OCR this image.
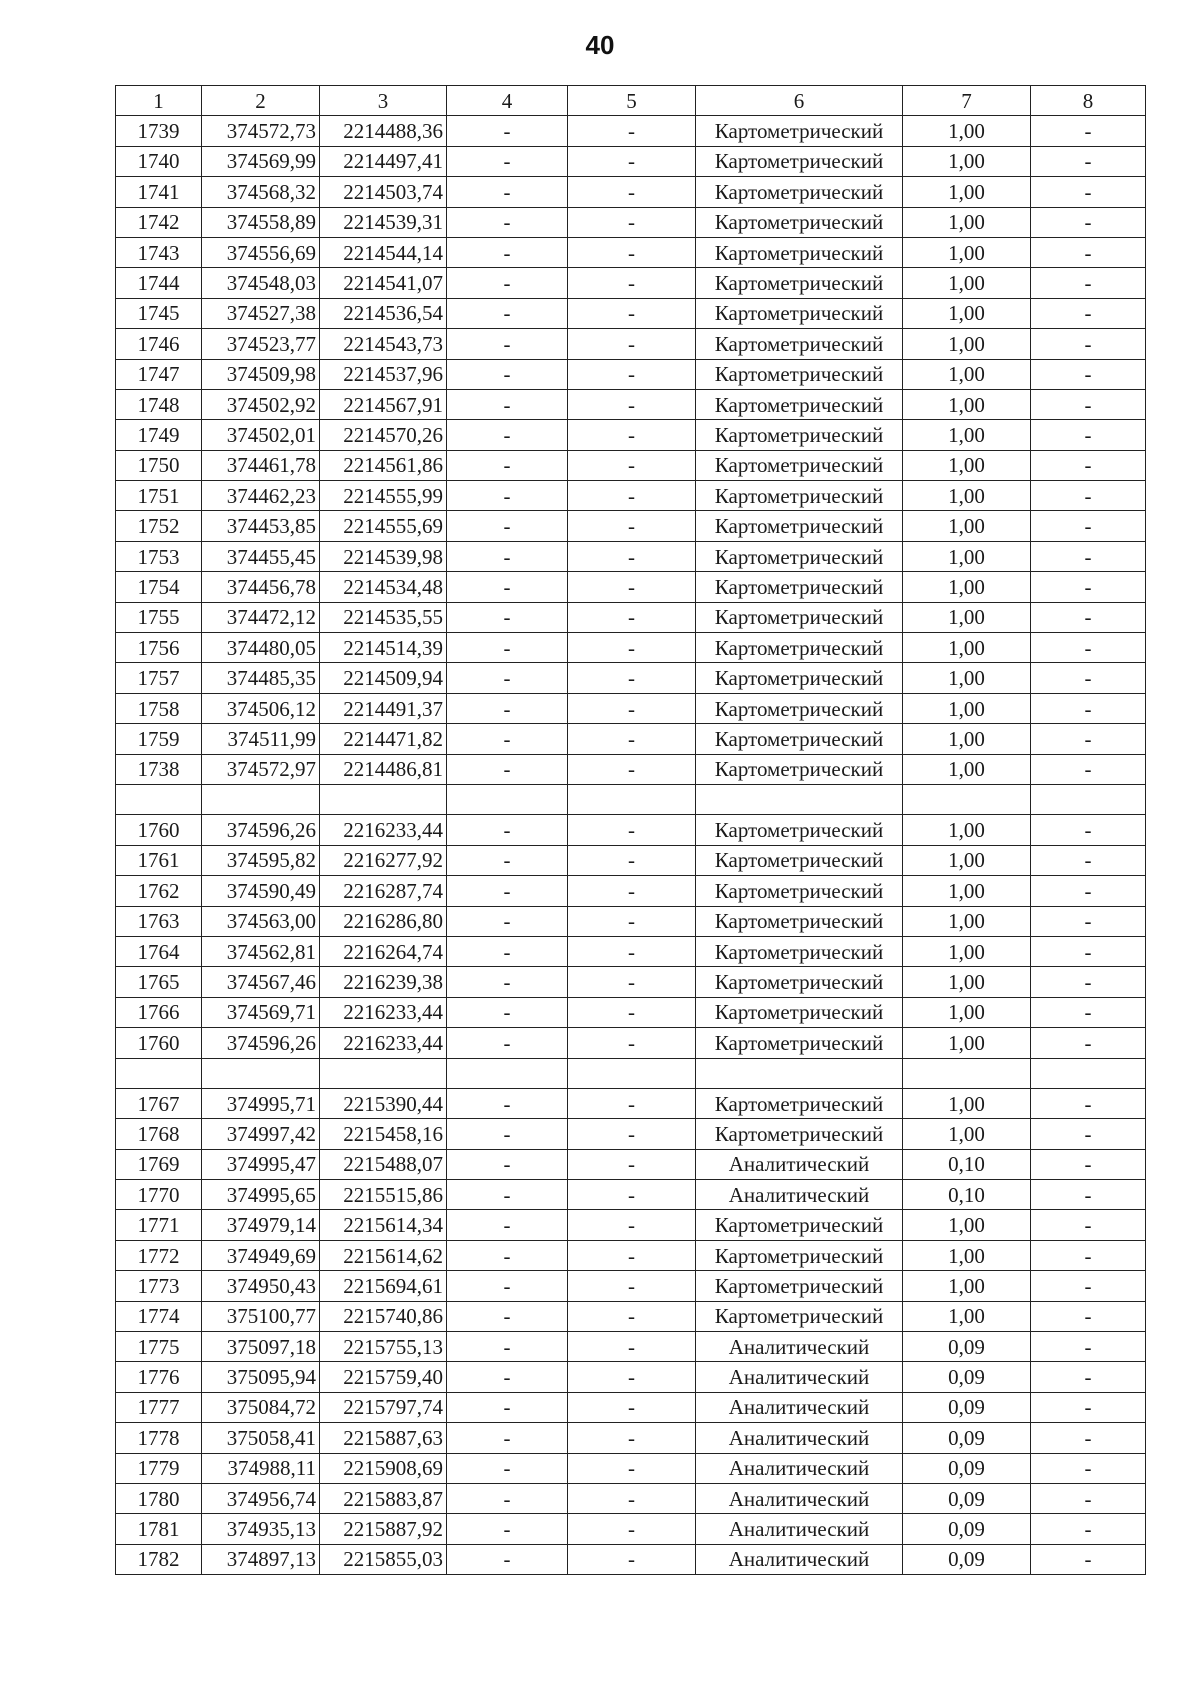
40
1	2	3	4	5	6	7	8
1739	374572,73	2214488,36	-	-	Картометрический	1,00	-
1740	374569,99	2214497,41	-	-	Картометрический	1,00	-
1741	374568,32	2214503,74	-	-	Картометрический	1,00	-
1742	374558,89	2214539,31	-	-	Картометрический	1,00	-
1743	374556,69	2214544,14	-	-	Картометрический	1,00	-
1744	374548,03	2214541,07	-	-	Картометрический	1,00	-
1745	374527,38	2214536,54	-	-	Картометрический	1,00	-
1746	374523,77	2214543,73	-	-	Картометрический	1,00	-
1747	374509,98	2214537,96	-	-	Картометрический	1,00	-
1748	374502,92	2214567,91	-	-	Картометрический	1,00	-
1749	374502,01	2214570,26	-	-	Картометрический	1,00	-
1750	374461,78	2214561,86	-	-	Картометрический	1,00	-
1751	374462,23	2214555,99	-	-	Картометрический	1,00	-
1752	374453,85	2214555,69	-	-	Картометрический	1,00	-
1753	374455,45	2214539,98	-	-	Картометрический	1,00	-
1754	374456,78	2214534,48	-	-	Картометрический	1,00	-
1755	374472,12	2214535,55	-	-	Картометрический	1,00	-
1756	374480,05	2214514,39	-	-	Картометрический	1,00	-
1757	374485,35	2214509,94	-	-	Картометрический	1,00	-
1758	374506,12	2214491,37	-	-	Картометрический	1,00	-
1759	374511,99	2214471,82	-	-	Картометрический	1,00	-
1738	374572,97	2214486,81	-	-	Картометрический	1,00	-

1760	374596,26	2216233,44	-	-	Картометрический	1,00	-
1761	374595,82	2216277,92	-	-	Картометрический	1,00	-
1762	374590,49	2216287,74	-	-	Картометрический	1,00	-
1763	374563,00	2216286,80	-	-	Картометрический	1,00	-
1764	374562,81	2216264,74	-	-	Картометрический	1,00	-
1765	374567,46	2216239,38	-	-	Картометрический	1,00	-
1766	374569,71	2216233,44	-	-	Картометрический	1,00	-
1760	374596,26	2216233,44	-	-	Картометрический	1,00	-

1767	374995,71	2215390,44	-	-	Картометрический	1,00	-
1768	374997,42	2215458,16	-	-	Картометрический	1,00	-
1769	374995,47	2215488,07	-	-	Аналитический	0,10	-
1770	374995,65	2215515,86	-	-	Аналитический	0,10	-
1771	374979,14	2215614,34	-	-	Картометрический	1,00	-
1772	374949,69	2215614,62	-	-	Картометрический	1,00	-
1773	374950,43	2215694,61	-	-	Картометрический	1,00	-
1774	375100,77	2215740,86	-	-	Картометрический	1,00	-
1775	375097,18	2215755,13	-	-	Аналитический	0,09	-
1776	375095,94	2215759,40	-	-	Аналитический	0,09	-
1777	375084,72	2215797,74	-	-	Аналитический	0,09	-
1778	375058,41	2215887,63	-	-	Аналитический	0,09	-
1779	374988,11	2215908,69	-	-	Аналитический	0,09	-
1780	374956,74	2215883,87	-	-	Аналитический	0,09	-
1781	374935,13	2215887,92	-	-	Аналитический	0,09	-
1782	374897,13	2215855,03	-	-	Аналитический	0,09	-
